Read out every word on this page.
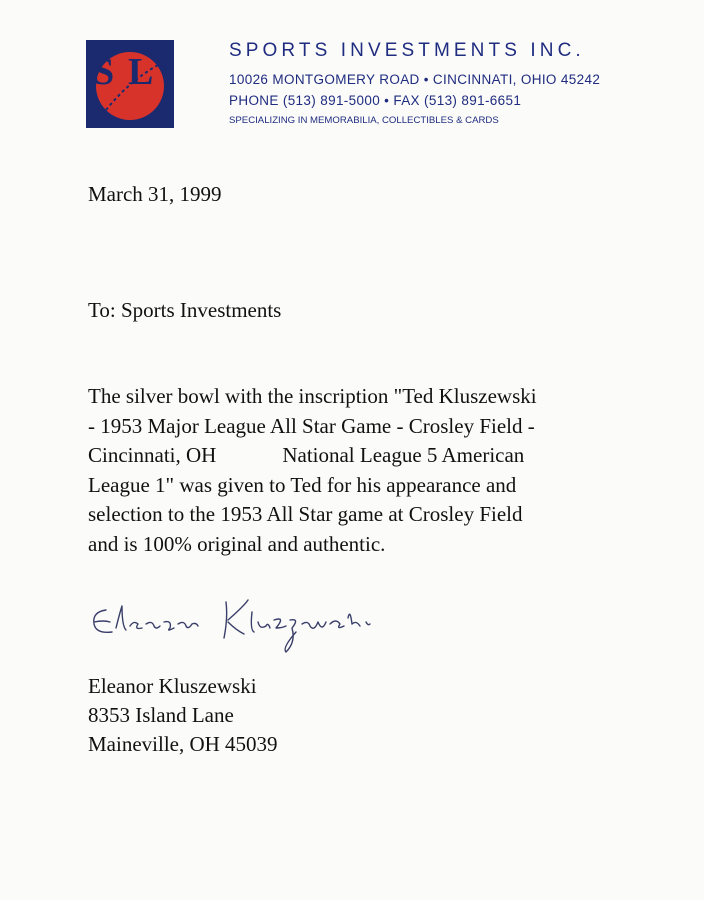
S L
SPORTS INVESTMENTS INC.
10026 MONTGOMERY ROAD • CINCINNATI, OHIO 45242
PHONE (513) 891-5000 • FAX (513) 891-6651
SPECIALIZING IN MEMORABILIA, COLLECTIBLES & CARDS
March 31, 1999
To: Sports Investments
The silver bowl with the inscription "Ted Kluszewski
- 1953 Major League All Star Game - Crosley Field -
Cincinnati, OH	National League 5 American
League 1" was given to Ted for his appearance and
selection to the 1953 All Star game at Crosley Field
and is 100% original and authentic.
Eleanor Kluszewski
8353 Island Lane
Maineville, OH 45039
